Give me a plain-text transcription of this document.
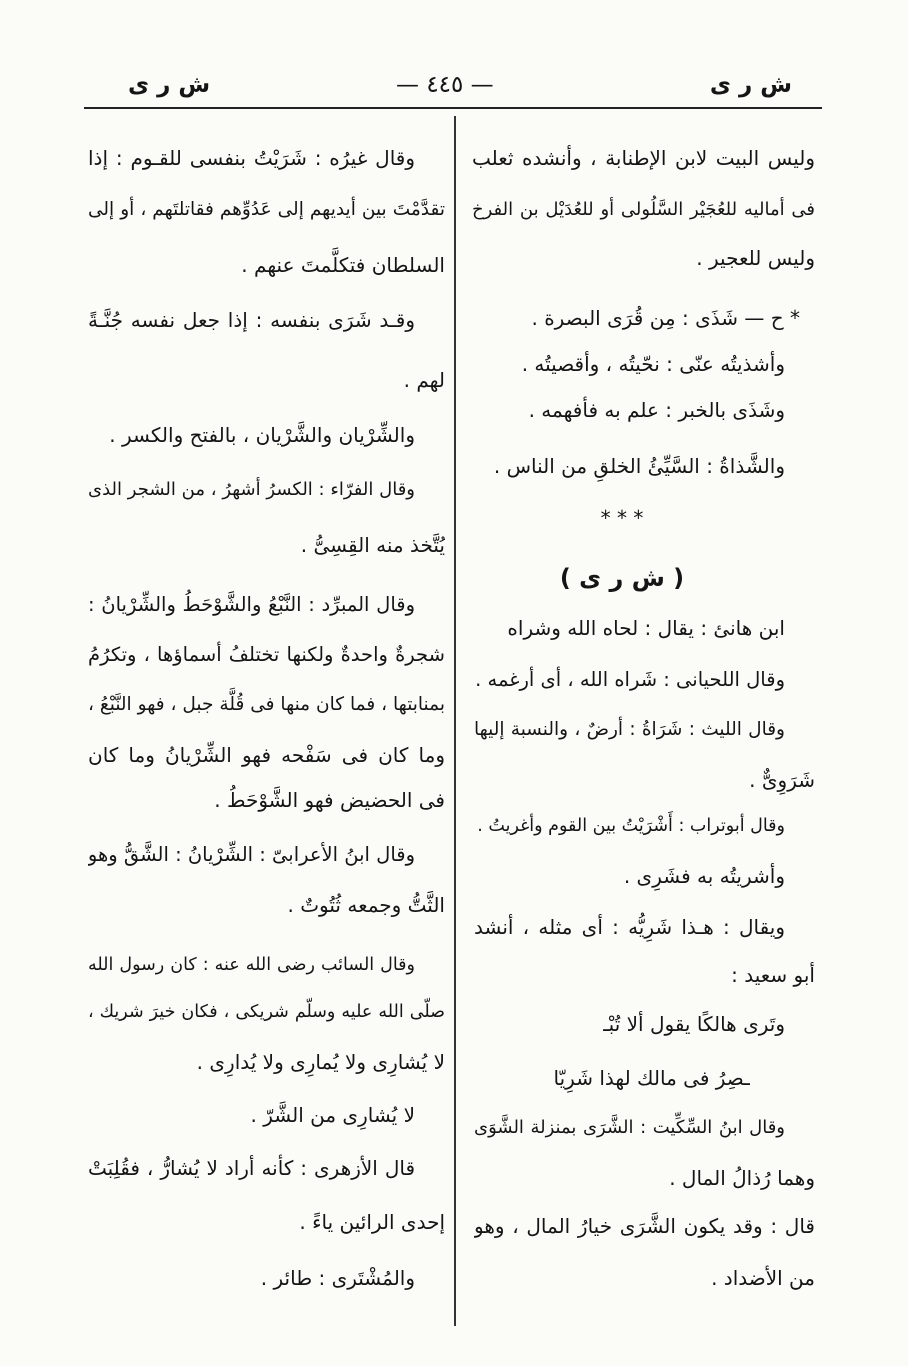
ش ر ى
— ٤٤٥ —
ش ر ى
وليس البيت لابن الإطنابة ، وأنشده ثعلب
فى أماليه للعُجَيْر السَّلُولى أو للعُدَيْل بن الفرخ
وليس للعجير .
* ح — شَذَى : مِن قُرَى البصرة .
وأشذيتُه عنّى : نحّيتُه ، وأقصيتُه .
وشَذَى بالخبر : علم به فأفهمه .
والشَّذاةُ : السَّيِّئُ الخلقِ من الناس .
* * *
( ش ر ى )
ابن هانئ : يقال : لحاه الله وشراه
وقال اللحيانى : شَراه الله ، أى أرغمه .
وقال الليث : شَرَاةُ : أرضٌ ، والنسبة إليها
شَرَوِىٌّ .
وقال أبوتراب : أَشْرَيْتُ بين القوم وأغريتُ .
وأشريتُه به فشَرِى .
ويقال : هـذا شَرِيُّه : أى مثله ، أنشد
أبو سعيد :
وتَرى هالكًا يقول ألا تُبْـ
ـصِرُ فى مالك لهذا شَرِيّا
وقال ابنُ السِّكِّيت : الشَّرَى بمنزلة الشَّوَى
وهما رُذالُ المال .
قال : وقد يكون الشَّرَى خيارُ المال ، وهو
من الأضداد .
وقال غيرُه : شَرَيْتُ بنفسى للقـوم : إذا
تقدَّمْتَ بين أيديهم إلى عَدُوِّهم فقاتلتَهم ، أو إلى
السلطان فتكلَّمتَ عنهم .
وقـد شَرَى بنفسه : إذا جعل نفسه جُنَّـةً
لهم .
والشِّرْيان والشَّرْيان ، بالفتح والكسر .
وقال الفرّاء : الكسرُ أشهرُ ، من الشجر الذى
يُتَّخذ منه القِسِىُّ .
وقال المبرِّد : النَّبْعُ والشَّوْحَطُ والشِّرْيانُ :
شجرةٌ واحدةٌ ولكنها تختلفُ أسماؤها ، وتكرُمُ
بمنابتها ، فما كان منها فى قُلَّة جبل ، فهو النَّبْعُ ،
وما كان فى سَفْحه فهو الشِّرْيانُ وما كان
فى الحضيض فهو الشَّوْحَطُ .
وقال ابنُ الأعرابىّ : الشِّرْيانُ : الشَّقُّ وهو
الثَّتُّ وجمعه ثُتُوتٌ .
وقال السائب رضى الله عنه : كان رسول الله
صلّى الله عليه وسلّم شريكى ، فكان خيرَ شريك ،
لا يُشارِى ولا يُمارِى ولا يُدارِى .
لا يُشارِى من الشَّرّ .
قال الأزهرى : كأنه أراد لا يُشارُّ ، فقُلِبَتْ
إحدى الرائين ياءً .
والمُشْتَرى : طائر .
